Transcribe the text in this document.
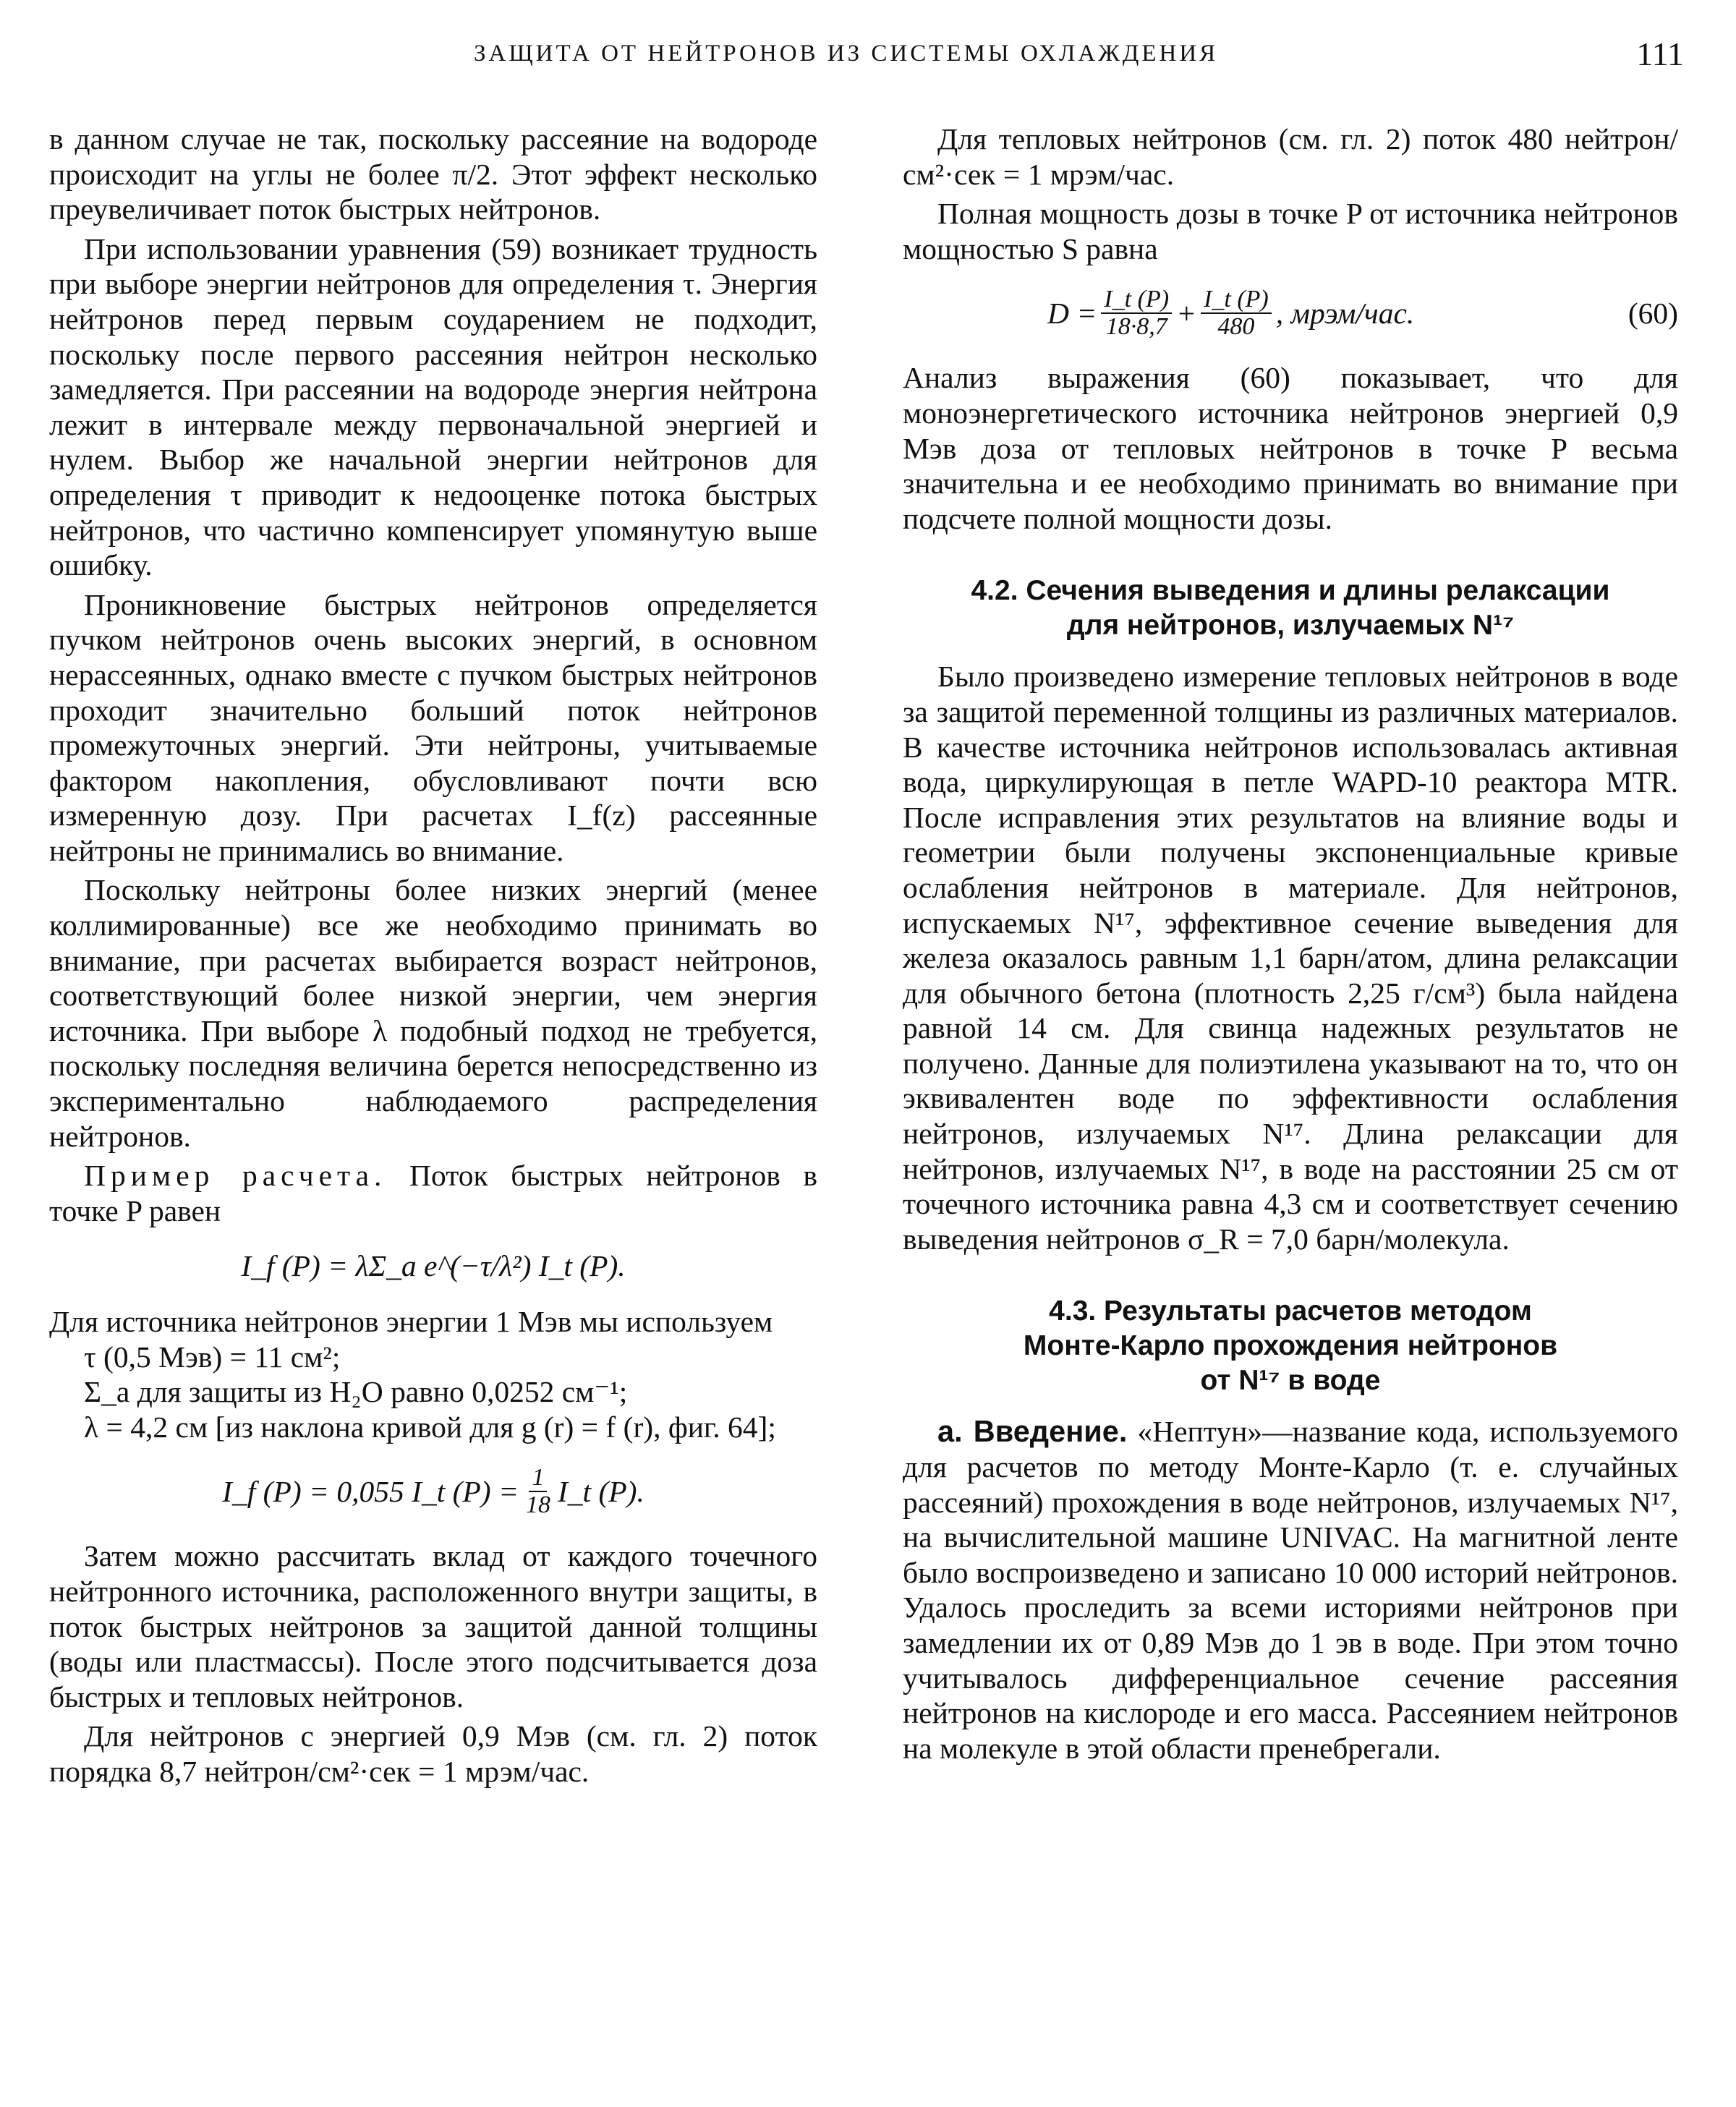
ЗАЩИТА ОТ НЕЙТРОНОВ ИЗ СИСТЕМЫ ОХЛАЖДЕНИЯ	111

в данном случае не так, поскольку рассеяние на водороде происходит на углы не более π/2. Этот эффект несколько преувеличивает поток быстрых нейтронов.

При использовании уравнения (59) возникает трудность при выборе энергии нейтронов для определения τ. Энергия нейтронов перед первым соударением не подходит, поскольку после первого рассеяния нейтрон несколько замедляется. При рассеянии на водороде энергия нейтрона лежит в интервале между первоначальной энергией и нулем. Выбор же начальной энергии нейтронов для определения τ приводит к недооценке потока быстрых нейтронов, что частично компенсирует упомянутую выше ошибку.

Проникновение быстрых нейтронов определяется пучком нейтронов очень высоких энергий, в основном нерассеянных, однако вместе с пучком быстрых нейтронов проходит значительно больший поток нейтронов промежуточных энергий. Эти нейтроны, учитываемые фактором накопления, обусловливают почти всю измеренную дозу. При расчетах I_f(z) рассеянные нейтроны не принимались во внимание.

Поскольку нейтроны более низких энергий (менее коллимированные) все же необходимо принимать во внимание, при расчетах выбирается возраст нейтронов, соответствующий более низкой энергии, чем энергия источника. При выборе λ подобный подход не требуется, поскольку последняя величина берется непосредственно из экспериментально наблюдаемого распределения нейтронов.

Пример расчета. Поток быстрых нейтронов в точке P равен

I_f (P) = λΣ_a e^(−τ/λ²) I_t (P).

Для источника нейтронов энергии 1 Мэв мы используем

τ (0,5 Мэв) = 11 см²;
Σ_a для защиты из H₂O равно 0,0252 см⁻¹;
λ = 4,2 см [из наклона кривой для g (r) = f (r), фиг. 64];
I_f (P) = 0,055 I_t $(P) = \frac{1}{18}$ I_t (P).

Затем можно рассчитать вклад от каждого точечного нейтронного источника, расположенного внутри защиты, в поток быстрых нейтронов за защитой данной толщины (воды или пластмассы). После этого подсчитывается доза быстрых и тепловых нейтронов.

Для нейтронов с энергией 0,9 Мэв (см. гл. 2) поток порядка 8,7 нейтрон/см²·сек = 1 мрэм/час.

Для тепловых нейтронов (см. гл. 2) поток 480 нейтрон/см²·сек = 1 мрэм/час.

Полная мощность дозы в точке P от источника нейтронов мощностью S равна

$D = \frac{I\_t (P)}{18\cdot 8,7} + \frac{I\_t (P)}{480}$ , мрэм/час.	(60)

Анализ выражения (60) показывает, что для моноэнергетического источника нейтронов энергией 0,9 Мэв доза от тепловых нейтронов в точке P весьма значительна и ее необходимо принимать во внимание при подсчете полной мощности дозы.

4.2. Сечения выведения и длины релаксации

для нейтронов, излучаемых N¹⁷

Было произведено измерение тепловых нейтронов в воде за защитой переменной толщины из различных материалов. В качестве источника нейтронов использовалась активная вода, циркулирующая в петле WAPD-10 реактора MTR. После исправления этих результатов на влияние воды и геометрии были получены экспоненциальные кривые ослабления нейтронов в материале. Для нейтронов, испускаемых N¹⁷, эффективное сечение выведения для железа оказалось равным 1,1 барн/атом, длина релаксации для обычного бетона (плотность 2,25 г/см³) была найдена равной 14 см. Для свинца надежных результатов не получено. Данные для полиэтилена указывают на то, что он эквивалентен воде по эффективности ослабления нейтронов, излучаемых N¹⁷. Длина релаксации для нейтронов, излучаемых N¹⁷, в воде на расстоянии 25 см от точечного источника равна 4,3 см и соответствует сечению выведения нейтронов σ_R = 7,0 барн/молекула.

4.3. Результаты расчетов методом

Монте-Карло прохождения нейтронов

от N¹⁷ в воде

а. Введение. «Нептун»—название кода, используемого для расчетов по методу Монте-Карло (т. е. случайных рассеяний) прохождения в воде нейтронов, излучаемых N¹⁷, на вычислительной машине UNIVAC. На магнитной ленте было воспроизведено и записано 10 000 историй нейтронов. Удалось проследить за всеми историями нейтронов при замедлении их от 0,89 Мэв до 1 эв в воде. При этом точно учитывалось дифференциальное сечение рассеяния нейтронов на кислороде и его масса. Рассеянием нейтронов на молекуле в этой области пренебрегали.
